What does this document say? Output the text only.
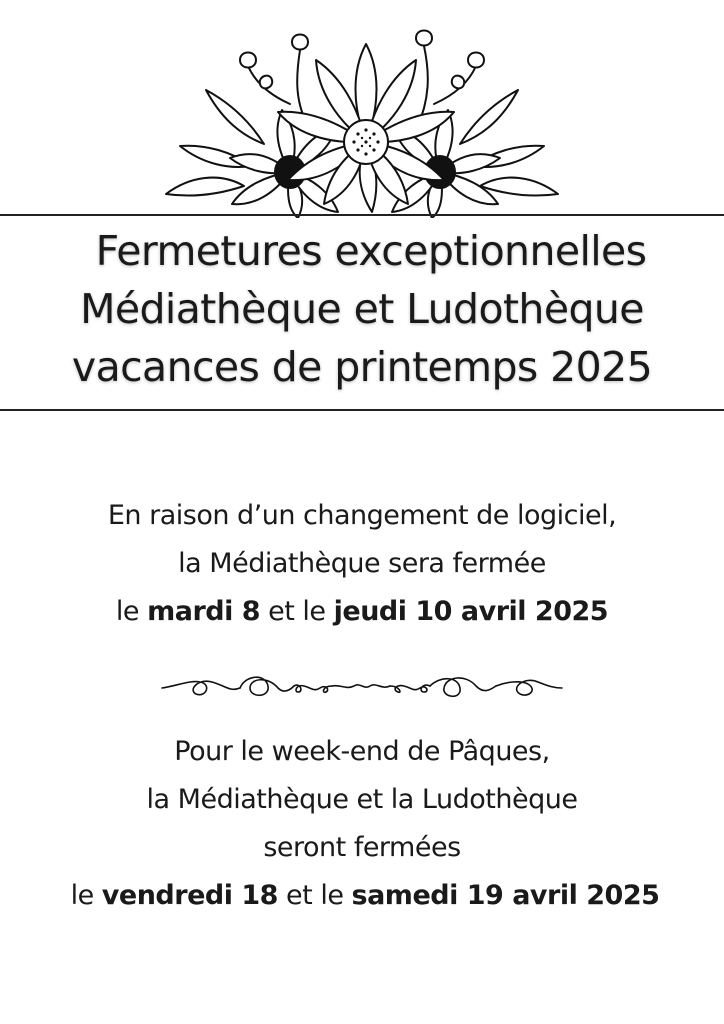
Fermetures exceptionnelles
Médiathèque et Ludothèque
vacances de printemps 2025
En raison d’un changement de logiciel,
la Médiathèque sera fermée
le mardi 8 et le jeudi 10 avril 2025
Pour le week-end de Pâques,
la Médiathèque et la Ludothèque
seront fermées
le vendredi 18 et le samedi 19 avril 2025
